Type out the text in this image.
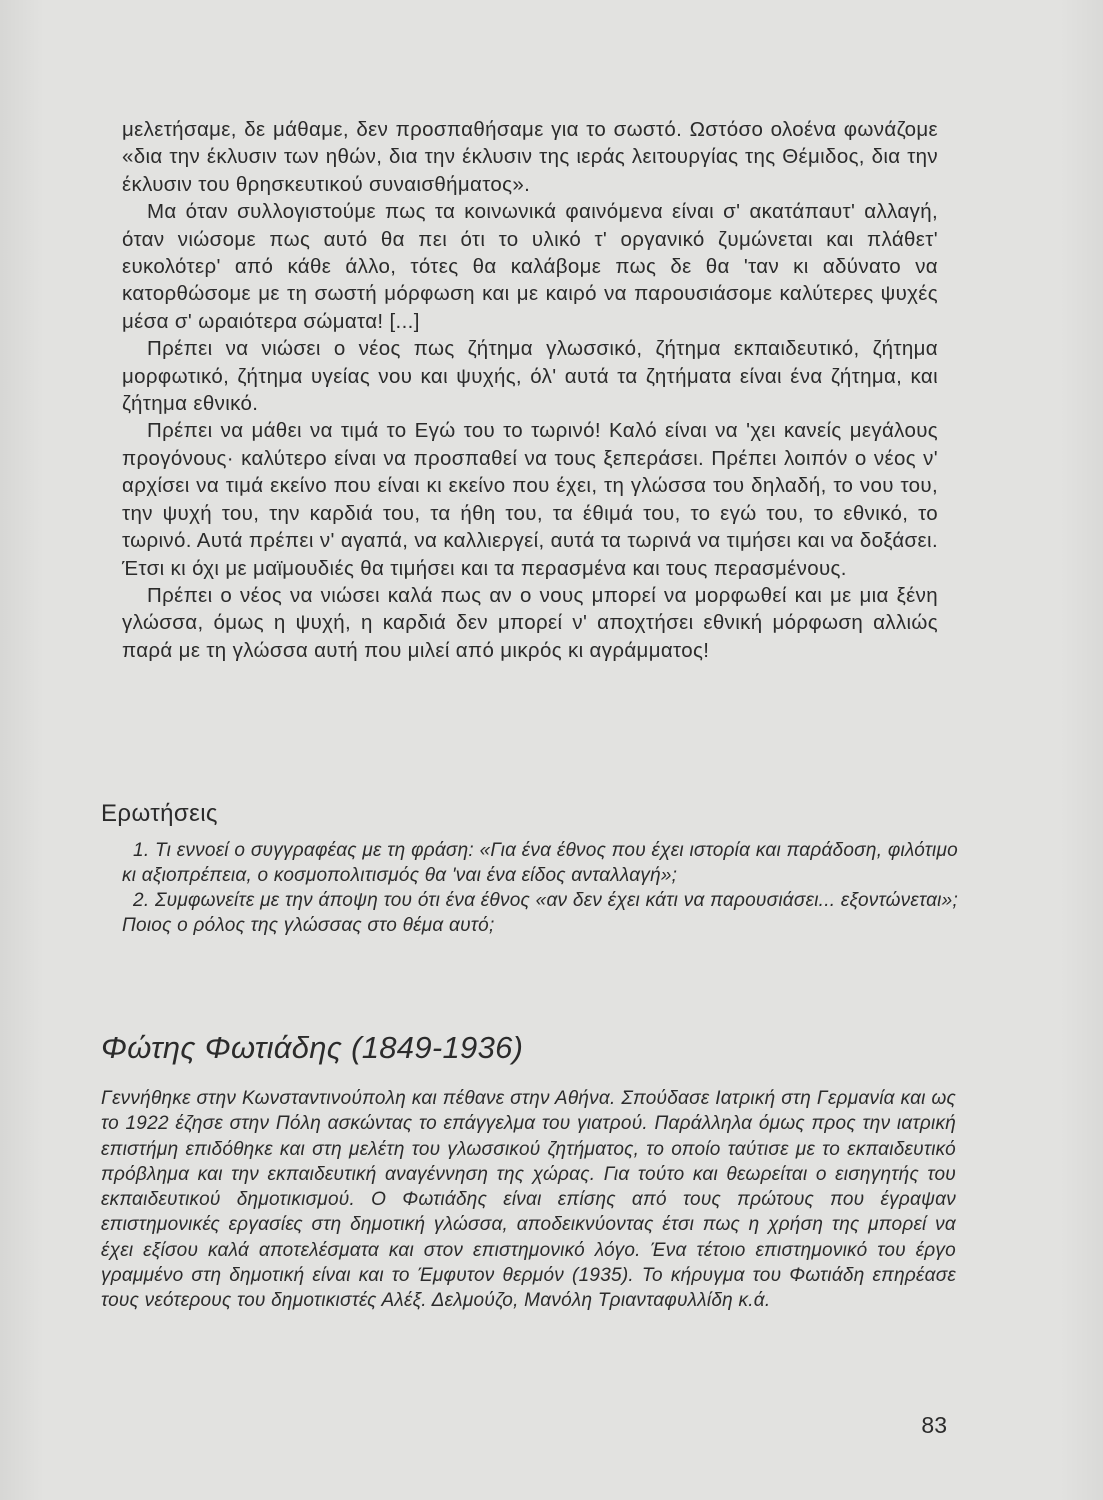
μελετήσαμε, δε μάθαμε, δεν προσπαθήσαμε για το σωστό. Ωστόσο ολοένα φωνάζομε «δια την έκλυσιν των ηθών, δια την έκλυσιν της ιεράς λειτουργίας της Θέμιδος, δια την έκλυσιν του θρησκευτικού συναισθήματος».

Μα όταν συλλογιστούμε πως τα κοινωνικά φαινόμενα είναι σ' ακατάπαυτ' αλλαγή, όταν νιώσομε πως αυτό θα πει ότι το υλικό τ' οργανικό ζυμώνεται και πλάθετ' ευκολότερ' από κάθε άλλο, τότες θα καλάβομε πως δε θα 'ταν κι αδύνατο να κατορθώσομε με τη σωστή μόρφωση και με καιρό να παρουσιάσομε καλύτερες ψυχές μέσα σ' ωραιότερα σώματα! [...]

Πρέπει να νιώσει ο νέος πως ζήτημα γλωσσικό, ζήτημα εκπαιδευτικό, ζήτημα μορφωτικό, ζήτημα υγείας νου και ψυχής, όλ' αυτά τα ζητήματα είναι ένα ζήτημα, και ζήτημα εθνικό.

Πρέπει να μάθει να τιμά το Εγώ του το τωρινό! Καλό είναι να 'χει κανείς μεγάλους προγόνους· καλύτερο είναι να προσπαθεί να τους ξεπεράσει. Πρέπει λοιπόν ο νέος ν' αρχίσει να τιμά εκείνο που είναι κι εκείνο που έχει, τη γλώσσα του δηλαδή, το νου του, την ψυχή του, την καρδιά του, τα ήθη του, τα έθιμά του, το εγώ του, το εθνικό, το τωρινό. Αυτά πρέπει ν' αγαπά, να καλλιεργεί, αυτά τα τωρινά να τιμήσει και να δοξάσει. Έτσι κι όχι με μαϊμουδιές θα τιμήσει και τα περασμένα και τους περασμένους.

Πρέπει ο νέος να νιώσει καλά πως αν ο νους μπορεί να μορφωθεί και με μια ξένη γλώσσα, όμως η ψυχή, η καρδιά δεν μπορεί ν' αποχτήσει εθνική μόρφωση αλλιώς παρά με τη γλώσσα αυτή που μιλεί από μικρός κι αγράμματος!

Ερωτήσεις

1. Τι εννοεί ο συγγραφέας με τη φράση: «Για ένα έθνος που έχει ιστορία και παράδοση, φιλότιμο κι αξιοπρέπεια, ο κοσμοπολιτισμός θα 'ναι ένα είδος ανταλλαγή»;

2. Συμφωνείτε με την άποψη του ότι ένα έθνος «αν δεν έχει κάτι να παρουσιάσει... εξοντώνεται»; Ποιος ο ρόλος της γλώσσας στο θέμα αυτό;

Φώτης Φωτιάδης (1849-1936)

Γεννήθηκε στην Κωνσταντινούπολη και πέθανε στην Αθήνα. Σπούδασε Ιατρική στη Γερμανία και ως το 1922 έζησε στην Πόλη ασκώντας το επάγγελμα του γιατρού. Παράλληλα όμως προς την ιατρική επιστήμη επιδόθηκε και στη μελέτη του γλωσσικού ζητήματος, το οποίο ταύτισε με το εκπαιδευτικό πρόβλημα και την εκπαιδευτική αναγέννηση της χώρας. Για τούτο και θεωρείται ο εισηγητής του εκπαιδευτικού δημοτικισμού. Ο Φωτιάδης είναι επίσης από τους πρώτους που έγραψαν επιστημονικές εργασίες στη δημοτική γλώσσα, αποδεικνύοντας έτσι πως η χρήση της μπορεί να έχει εξίσου καλά αποτελέσματα και στον επιστημονικό λόγο. Ένα τέτοιο επιστημονικό του έργο γραμμένο στη δημοτική είναι και το Έμφυτον θερμόν (1935). Το κήρυγμα του Φωτιάδη επηρέασε τους νεότερους του δημοτικιστές Αλέξ. Δελμούζο, Μανόλη Τριανταφυλλίδη κ.ά.

83
